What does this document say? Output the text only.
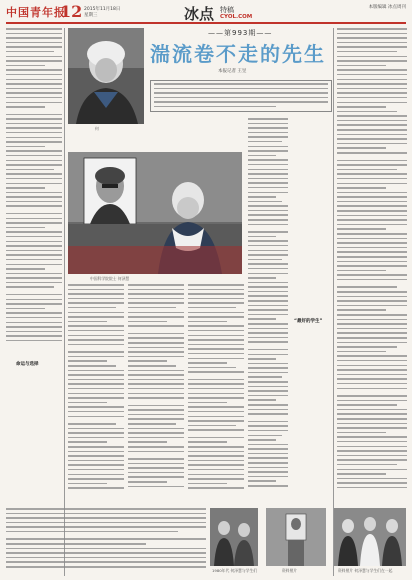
中国青年报
12 2015年11月18日 星期三	冰点 特稿
CYOL.COM
本版编辑 冰点周刊
——第993期——
湍流卷不走的先生
本报记者 王昱
何
中国科学院院士 何泽慧
命运与选择
“最好的学生”
1980年代 何泽慧与学生们	资料照片	资料照片 何泽慧与学生们在一起
